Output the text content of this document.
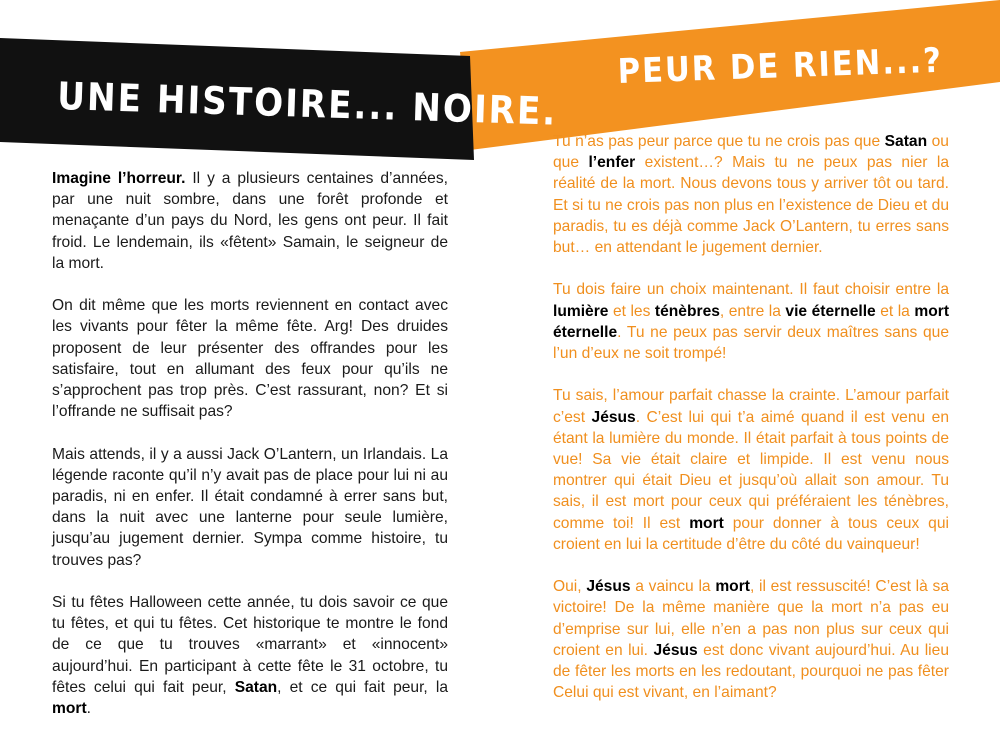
UNE HISTOIRE... NOIRE.
PEUR DE RIEN...?

Imagine l’horreur. Il y a plusieurs centaines d’années, par une nuit sombre, dans une forêt profonde et menaçante d’un pays du Nord, les gens ont peur. Il fait froid. Le lendemain, ils «fêtent» Samain, le seigneur de la mort.

On dit même que les morts reviennent en contact avec les vivants pour fêter la même fête. Arg! Des druides proposent de leur présenter des offrandes pour les satisfaire, tout en allumant des feux pour qu’ils ne s’approchent pas trop près. C’est rassurant, non? Et si l’offrande ne suffisait pas?

Mais attends, il y a aussi Jack O’Lantern, un Irlandais. La légende raconte qu’il n’y avait pas de place pour lui ni au paradis, ni en enfer. Il était condamné à errer sans but, dans la nuit avec une lanterne pour seule lumière, jusqu’au jugement dernier. Sympa comme histoire, tu trouves pas?

Si tu fêtes Halloween cette année, tu dois savoir ce que tu fêtes, et qui tu fêtes. Cet historique te montre le fond de ce que tu trouves «marrant» et «innocent» aujourd’hui. En participant à cette fête le 31 octobre, tu fêtes celui qui fait peur, Satan, et ce qui fait peur, la mort.

Tu n’as pas peur parce que tu ne crois pas que Satan ou que l’enfer existent…? Mais tu ne peux pas nier la réalité de la mort. Nous devons tous y arriver tôt ou tard. Et si tu ne crois pas non plus en l’existence de Dieu et du paradis, tu es déjà comme Jack O’Lantern, tu erres sans but… en attendant le jugement dernier.

Tu dois faire un choix maintenant. Il faut choisir entre la lumière et les ténèbres, entre la vie éternelle et la mort éternelle. Tu ne peux pas servir deux maîtres sans que l’un d’eux ne soit trompé!

Tu sais, l’amour parfait chasse la crainte. L’amour parfait c’est Jésus. C’est lui qui t’a aimé quand il est venu en étant la lumière du monde. Il était parfait à tous points de vue! Sa vie était claire et limpide. Il est venu nous montrer qui était Dieu et jusqu’où allait son amour. Tu sais, il est mort pour ceux qui préféraient les ténèbres, comme toi! Il est mort pour donner à tous ceux qui croient en lui la certitude d’être du côté du vainqueur!

Oui, Jésus a vaincu la mort, il est ressuscité! C’est là sa victoire! De la même manière que la mort n’a pas eu d’emprise sur lui, elle n’en a pas non plus sur ceux qui croient en lui. Jésus est donc vivant aujourd’hui. Au lieu de fêter les morts en les redoutant, pourquoi ne pas fêter Celui qui est vivant, en l’aimant?
